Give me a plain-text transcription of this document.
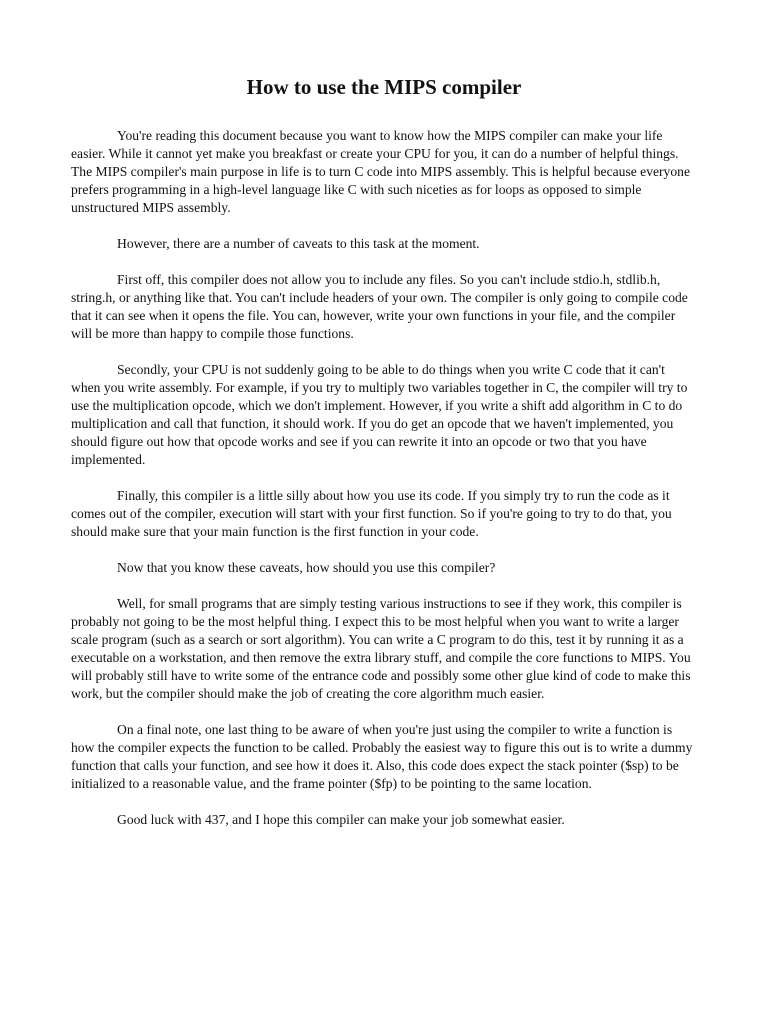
How to use the MIPS compiler

You're reading this document because you want to know how the MIPS compiler can make your life easier. While it cannot yet make you breakfast or create your CPU for you, it can do a number of helpful things. The MIPS compiler's main purpose in life is to turn C code into MIPS assembly. This is helpful because everyone prefers programming in a high-level language like C with such niceties as for loops as opposed to simple unstructured MIPS assembly.

However, there are a number of caveats to this task at the moment.

First off, this compiler does not allow you to include any files. So you can't include stdio.h, stdlib.h, string.h, or anything like that. You can't include headers of your own. The compiler is only going to compile code that it can see when it opens the file. You can, however, write your own functions in your file, and the compiler will be more than happy to compile those functions.

Secondly, your CPU is not suddenly going to be able to do things when you write C code that it can't when you write assembly. For example, if you try to multiply two variables together in C, the compiler will try to use the multiplication opcode, which we don't implement. However, if you write a shift add algorithm in C to do multiplication and call that function, it should work. If you do get an opcode that we haven't implemented, you should figure out how that opcode works and see if you can rewrite it into an opcode or two that you have implemented.

Finally, this compiler is a little silly about how you use its code. If you simply try to run the code as it comes out of the compiler, execution will start with your first function. So if you're going to try to do that, you should make sure that your main function is the first function in your code.

Now that you know these caveats, how should you use this compiler?

Well, for small programs that are simply testing various instructions to see if they work, this compiler is probably not going to be the most helpful thing. I expect this to be most helpful when you want to write a larger scale program (such as a search or sort algorithm). You can write a C program to do this, test it by running it as a executable on a workstation, and then remove the extra library stuff, and compile the core functions to MIPS. You will probably still have to write some of the entrance code and possibly some other glue kind of code to make this work, but the compiler should make the job of creating the core algorithm much easier.

On a final note, one last thing to be aware of when you're just using the compiler to write a function is how the compiler expects the function to be called. Probably the easiest way to figure this out is to write a dummy function that calls your function, and see how it does it. Also, this code does expect the stack pointer ($sp) to be initialized to a reasonable value, and the frame pointer ($fp) to be pointing to the same location.

Good luck with 437, and I hope this compiler can make your job somewhat easier.
